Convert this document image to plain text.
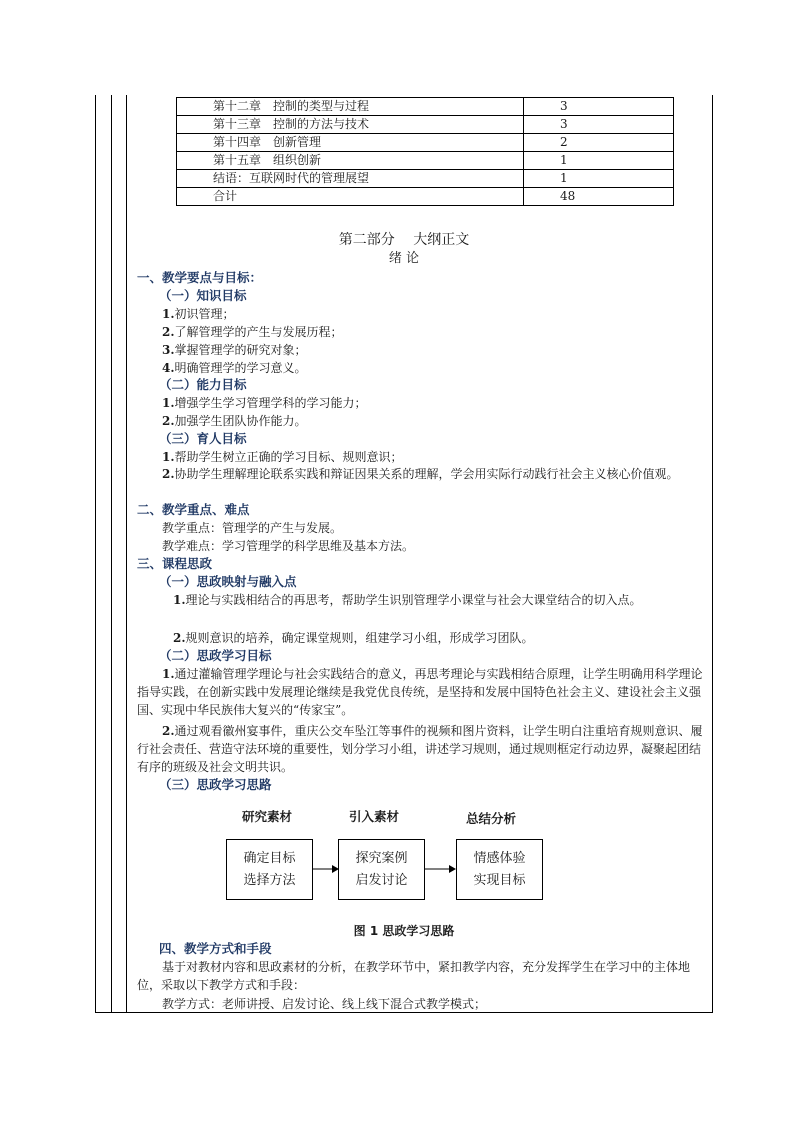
第十二章　控制的类型与过程	3
第十三章　控制的方法与技术	3
第十四章　创新管理	2
第十五章　组织创新	1
结语：互联网时代的管理展望	1
合计	48
第二部分　 大纲正文
绪 论
一、教学要点与目标：
（一）知识目标
1.初识管理；
2.了解管理学的产生与发展历程；
3.掌握管理学的研究对象；
4.明确管理学的学习意义。
（二）能力目标
1.增强学生学习管理学科的学习能力；
2.加强学生团队协作能力。
（三）育人目标
1.帮助学生树立正确的学习目标、规则意识；
2.协助学生理解理论联系实践和辩证因果关系的理解，学会用实际行动践行社会主义核心价值观。
二、教学重点、难点
教学重点：管理学的产生与发展。
教学难点：学习管理学的科学思维及基本方法。
三、课程思政
（一）思政映射与融入点
1.理论与实践相结合的再思考，帮助学生识别管理学小课堂与社会大课堂结合的切入点。
2.规则意识的培养，确定课堂规则，组建学习小组，形成学习团队。
（二）思政学习目标
1.通过灌输管理学理论与社会实践结合的意义，再思考理论与实践相结合原理，让学生明确用科学理论指导实践，在创新实践中发展理论继续是我党优良传统，是坚持和发展中国特色社会主义、建设社会主义强国、实现中华民族伟大复兴的“传家宝”。
2.通过观看徽州宴事件，重庆公交车坠江等事件的视频和图片资料，让学生明白注重培育规则意识、履行社会责任、营造守法环境的重要性，划分学习小组，讲述学习规则，通过规则框定行动边界，凝聚起团结有序的班级及社会文明共识。
（三）思政学习思路
研究素材	引入素材	总结分析
确定目标
选择方法
探究案例
启发讨论
情感体验
实现目标
图 1 思政学习思路
四、教学方式和手段
基于对教材内容和思政素材的分析，在教学环节中，紧扣教学内容，充分发挥学生在学习中的主体地位，采取以下教学方式和手段：
教学方式：老师讲授、启发讨论、线上线下混合式教学模式；
